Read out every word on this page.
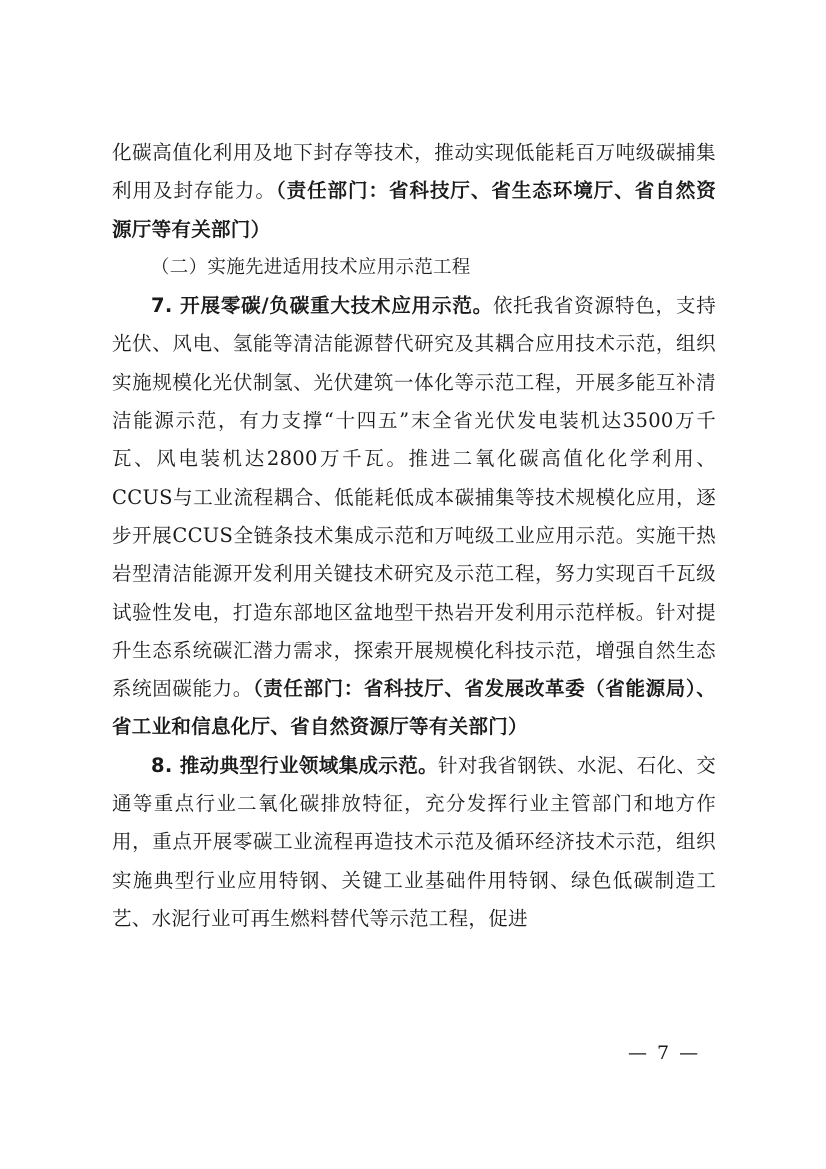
化碳高值化利用及地下封存等技术，推动实现低能耗百万吨级碳捕集利用及封存能力。（责任部门：省科技厅、省生态环境厅、省自然资源厅等有关部门）

（二）实施先进适用技术应用示范工程

7. 开展零碳/负碳重大技术应用示范。依托我省资源特色，支持光伏、风电、氢能等清洁能源替代研究及其耦合应用技术示范，组织实施规模化光伏制氢、光伏建筑一体化等示范工程，开展多能互补清洁能源示范，有力支撑“十四五”末全省光伏发电装机达3500万千瓦、风电装机达2800万千瓦。推进二氧化碳高值化化学利用、CCUS与工业流程耦合、低能耗低成本碳捕集等技术规模化应用，逐步开展CCUS全链条技术集成示范和万吨级工业应用示范。实施干热岩型清洁能源开发利用关键技术研究及示范工程，努力实现百千瓦级试验性发电，打造东部地区盆地型干热岩开发利用示范样板。针对提升生态系统碳汇潜力需求，探索开展规模化科技示范，增强自然生态系统固碳能力。（责任部门：省科技厅、省发展改革委（省能源局）、省工业和信息化厅、省自然资源厅等有关部门）

8. 推动典型行业领域集成示范。针对我省钢铁、水泥、石化、交通等重点行业二氧化碳排放特征，充分发挥行业主管部门和地方作用，重点开展零碳工业流程再造技术示范及循环经济技术示范，组织实施典型行业应用特钢、关键工业基础件用特钢、绿色低碳制造工艺、水泥行业可再生燃料替代等示范工程，促进

— 7 —
